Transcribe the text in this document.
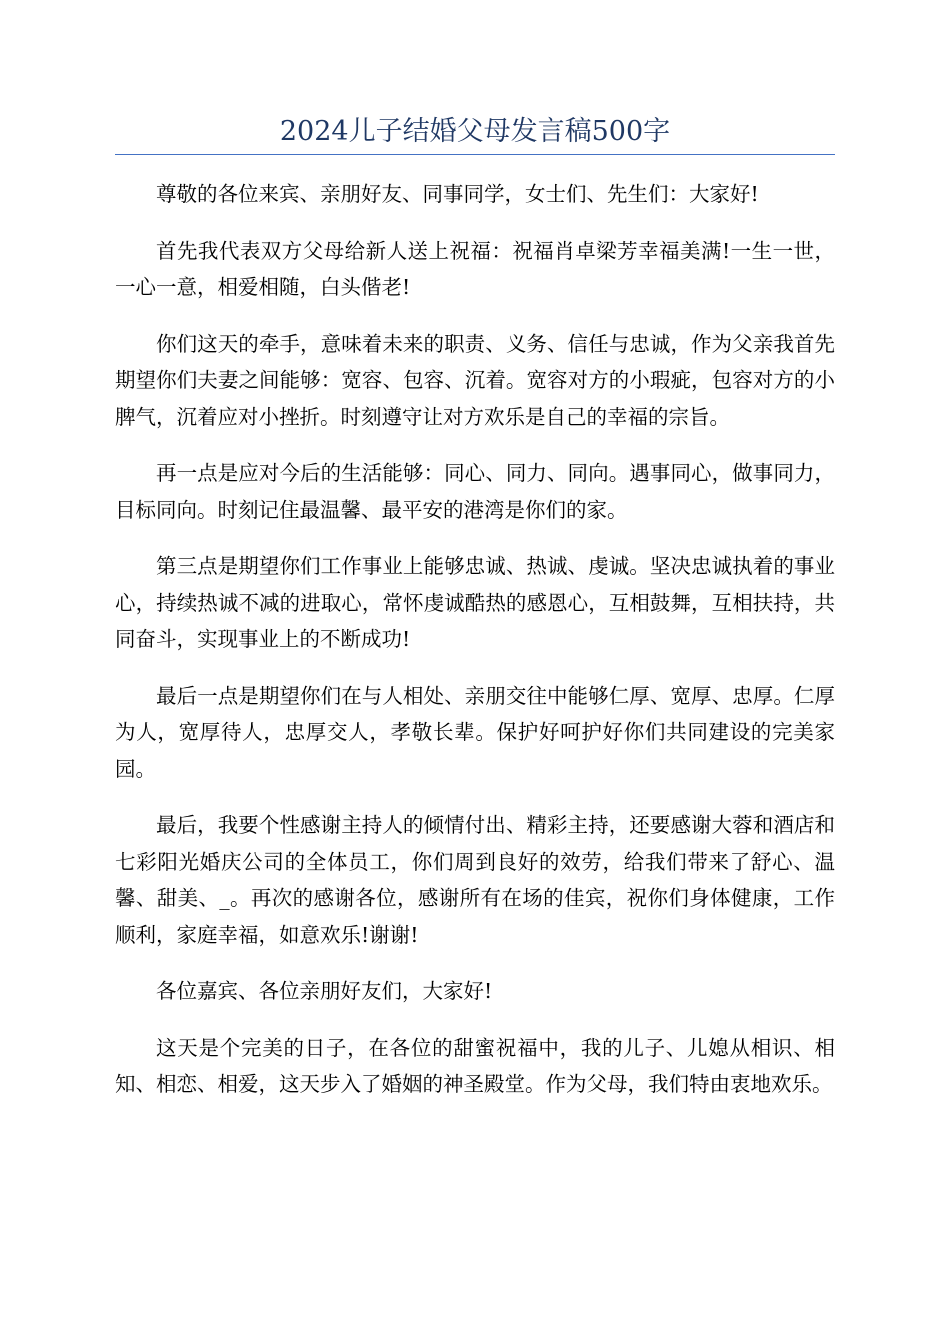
2024儿子结婚父母发言稿500字

尊敬的各位来宾、亲朋好友、同事同学，女士们、先生们：大家好!

首先我代表双方父母给新人送上祝福：祝福肖卓梁芳幸福美满!一生一世，一心一意，相爱相随，白头偕老!

你们这天的牵手，意味着未来的职责、义务、信任与忠诚，作为父亲我首先期望你们夫妻之间能够：宽容、包容、沉着。宽容对方的小瑕疵，包容对方的小脾气，沉着应对小挫折。时刻遵守让对方欢乐是自己的幸福的宗旨。

再一点是应对今后的生活能够：同心、同力、同向。遇事同心，做事同力，目标同向。时刻记住最温馨、最平安的港湾是你们的家。

第三点是期望你们工作事业上能够忠诚、热诚、虔诚。坚决忠诚执着的事业心，持续热诚不减的进取心，常怀虔诚酷热的感恩心，互相鼓舞，互相扶持，共同奋斗，实现事业上的不断成功!

最后一点是期望你们在与人相处、亲朋交往中能够仁厚、宽厚、忠厚。仁厚为人，宽厚待人，忠厚交人，孝敬长辈。保护好呵护好你们共同建设的完美家园。

最后，我要个性感谢主持人的倾情付出、精彩主持，还要感谢大蓉和酒店和七彩阳光婚庆公司的全体员工，你们周到良好的效劳，给我们带来了舒心、温馨、甜美、_。再次的感谢各位，感谢所有在场的佳宾，祝你们身体健康，工作顺利，家庭幸福，如意欢乐!谢谢!

各位嘉宾、各位亲朋好友们，大家好!

这天是个完美的日子，在各位的甜蜜祝福中，我的儿子、儿媳从相识、相知、相恋、相爱，这天步入了婚姻的神圣殿堂。作为父母，我们特由衷地欢乐。
